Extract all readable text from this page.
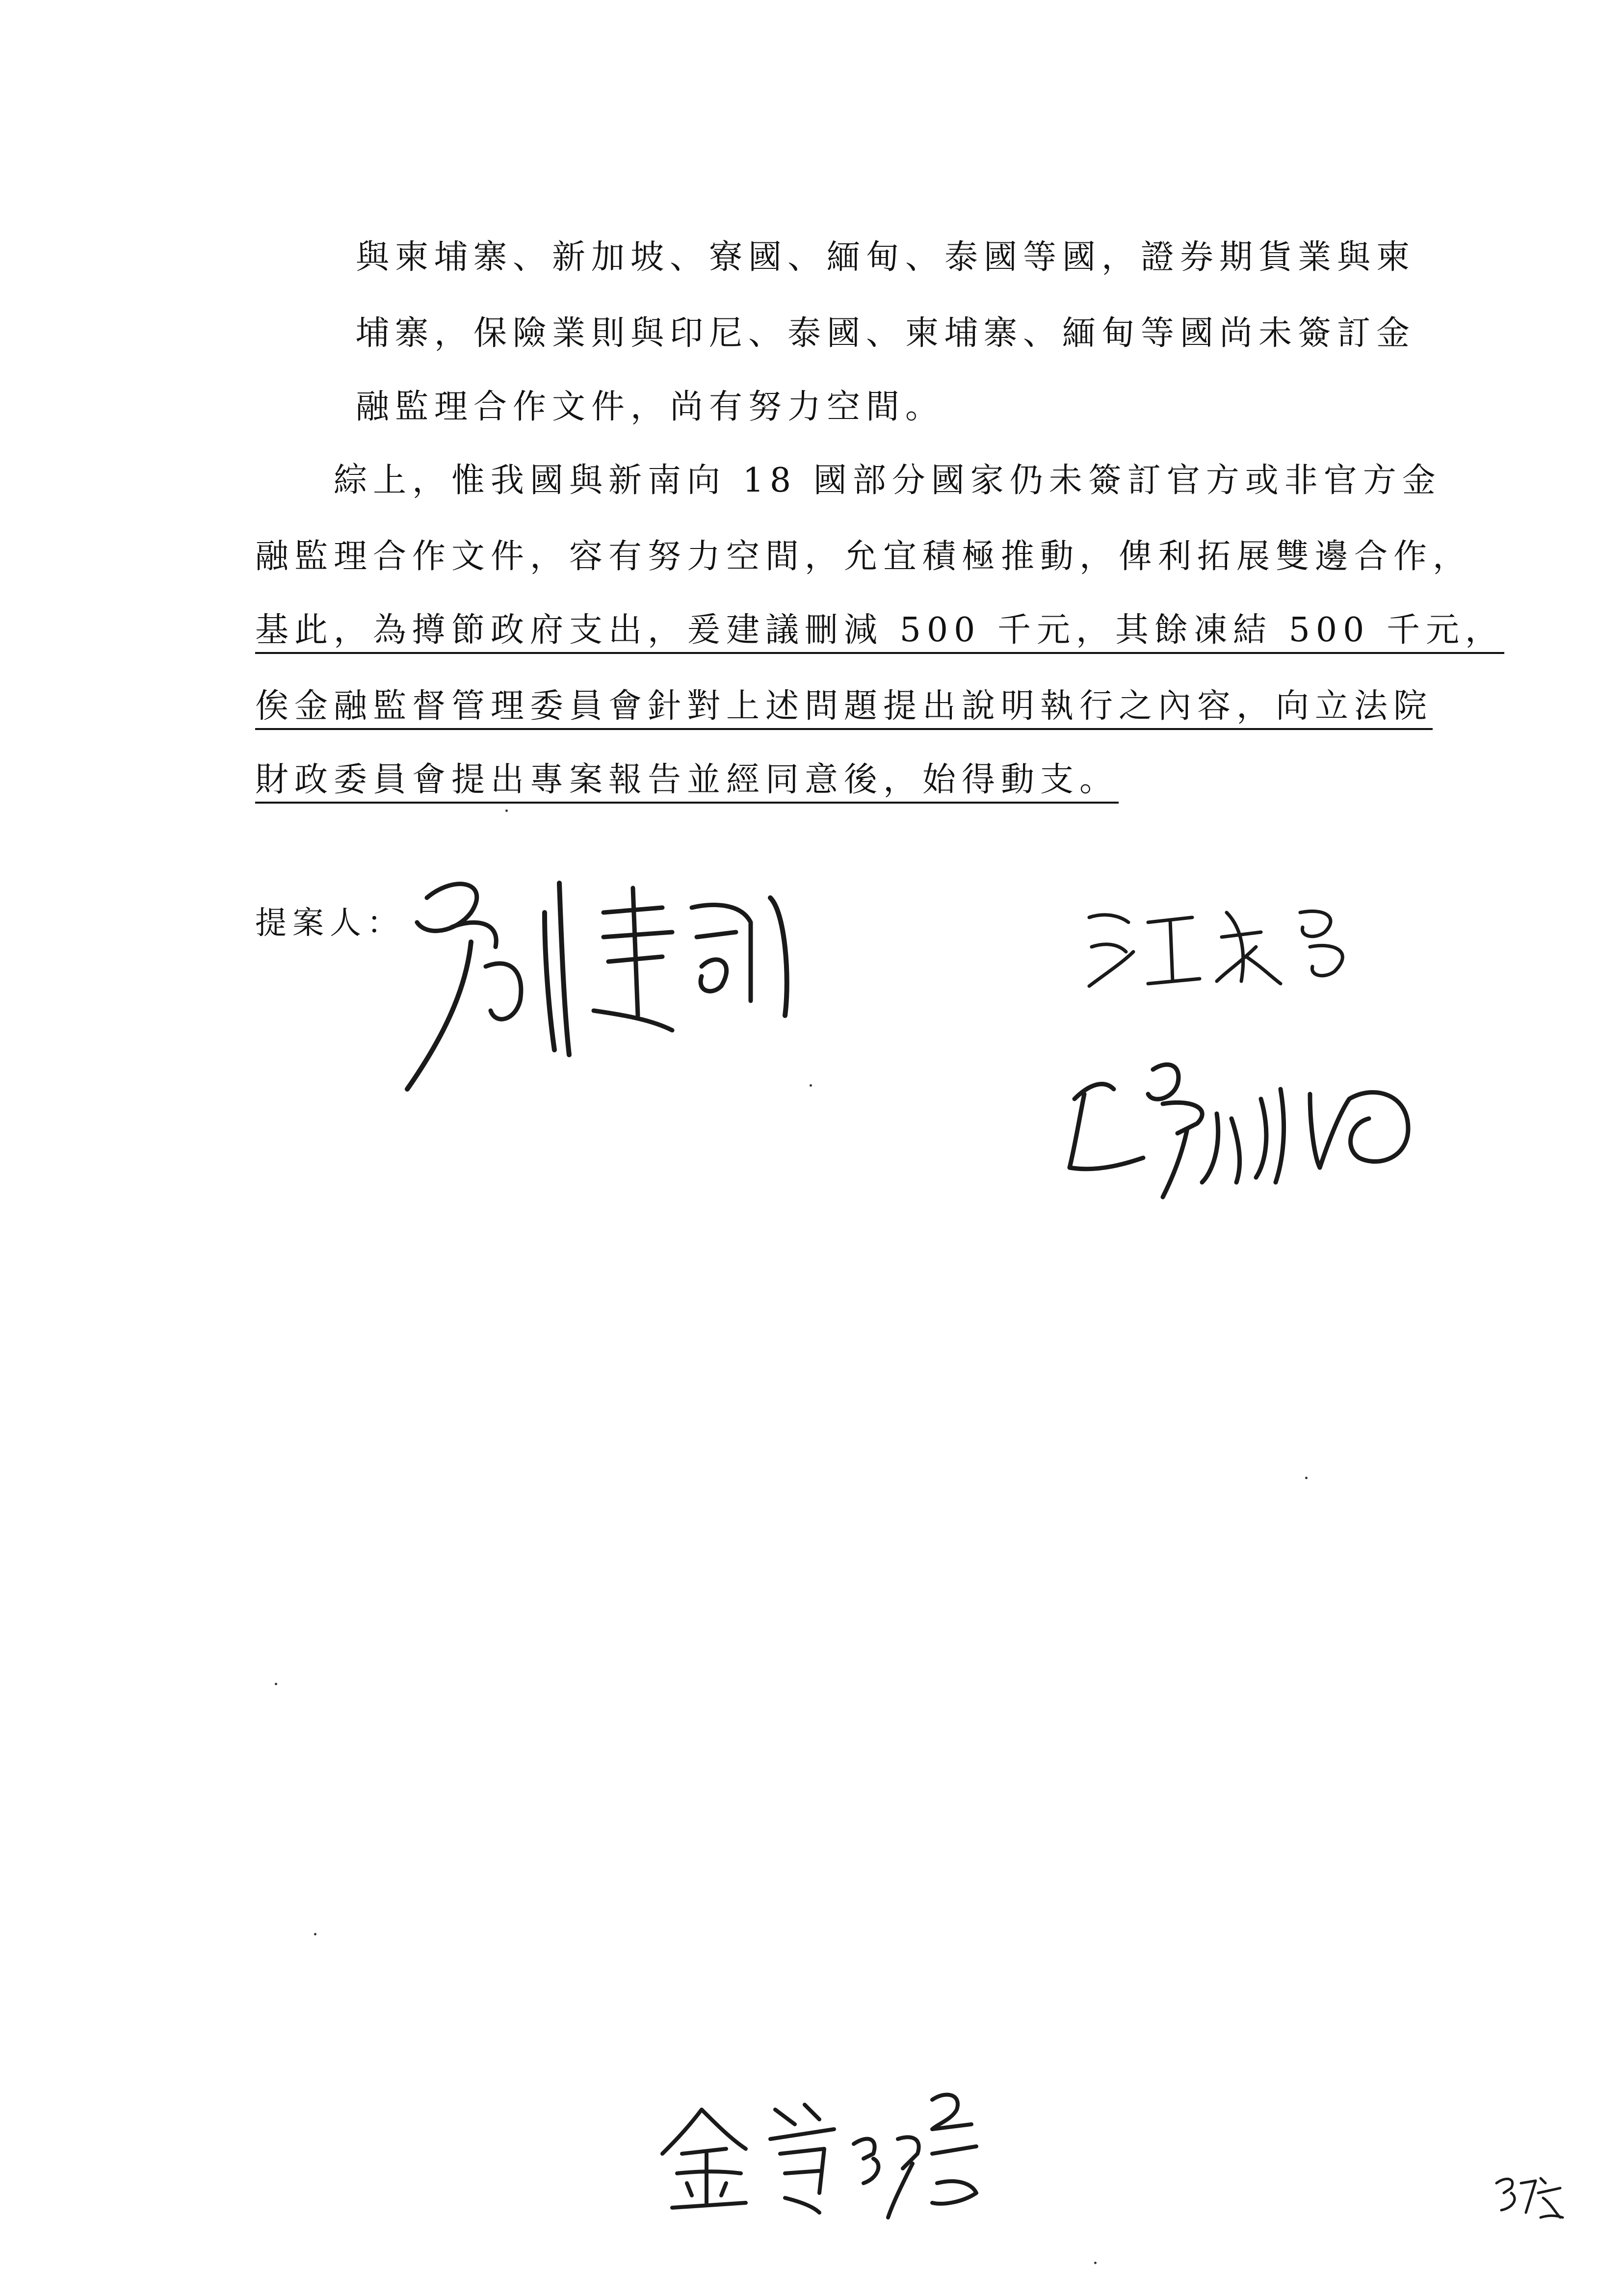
與柬埔寨、新加坡、寮國、緬甸、泰國等國，證券期貨業與柬
埔寨，保險業則與印尼、泰國、柬埔寨、緬甸等國尚未簽訂金
融監理合作文件，尚有努力空間。
綜上，惟我國與新南向 18 國部分國家仍未簽訂官方或非官方金
融監理合作文件，容有努力空間，允宜積極推動，俾利拓展雙邊合作，
基此，為撙節政府支出，爰建議刪減 500 千元，其餘凍結 500 千元，
俟金融監督管理委員會針對上述問題提出說明執行之內容，向立法院
財政委員會提出專案報告並經同意後，始得動支。
提案人：
